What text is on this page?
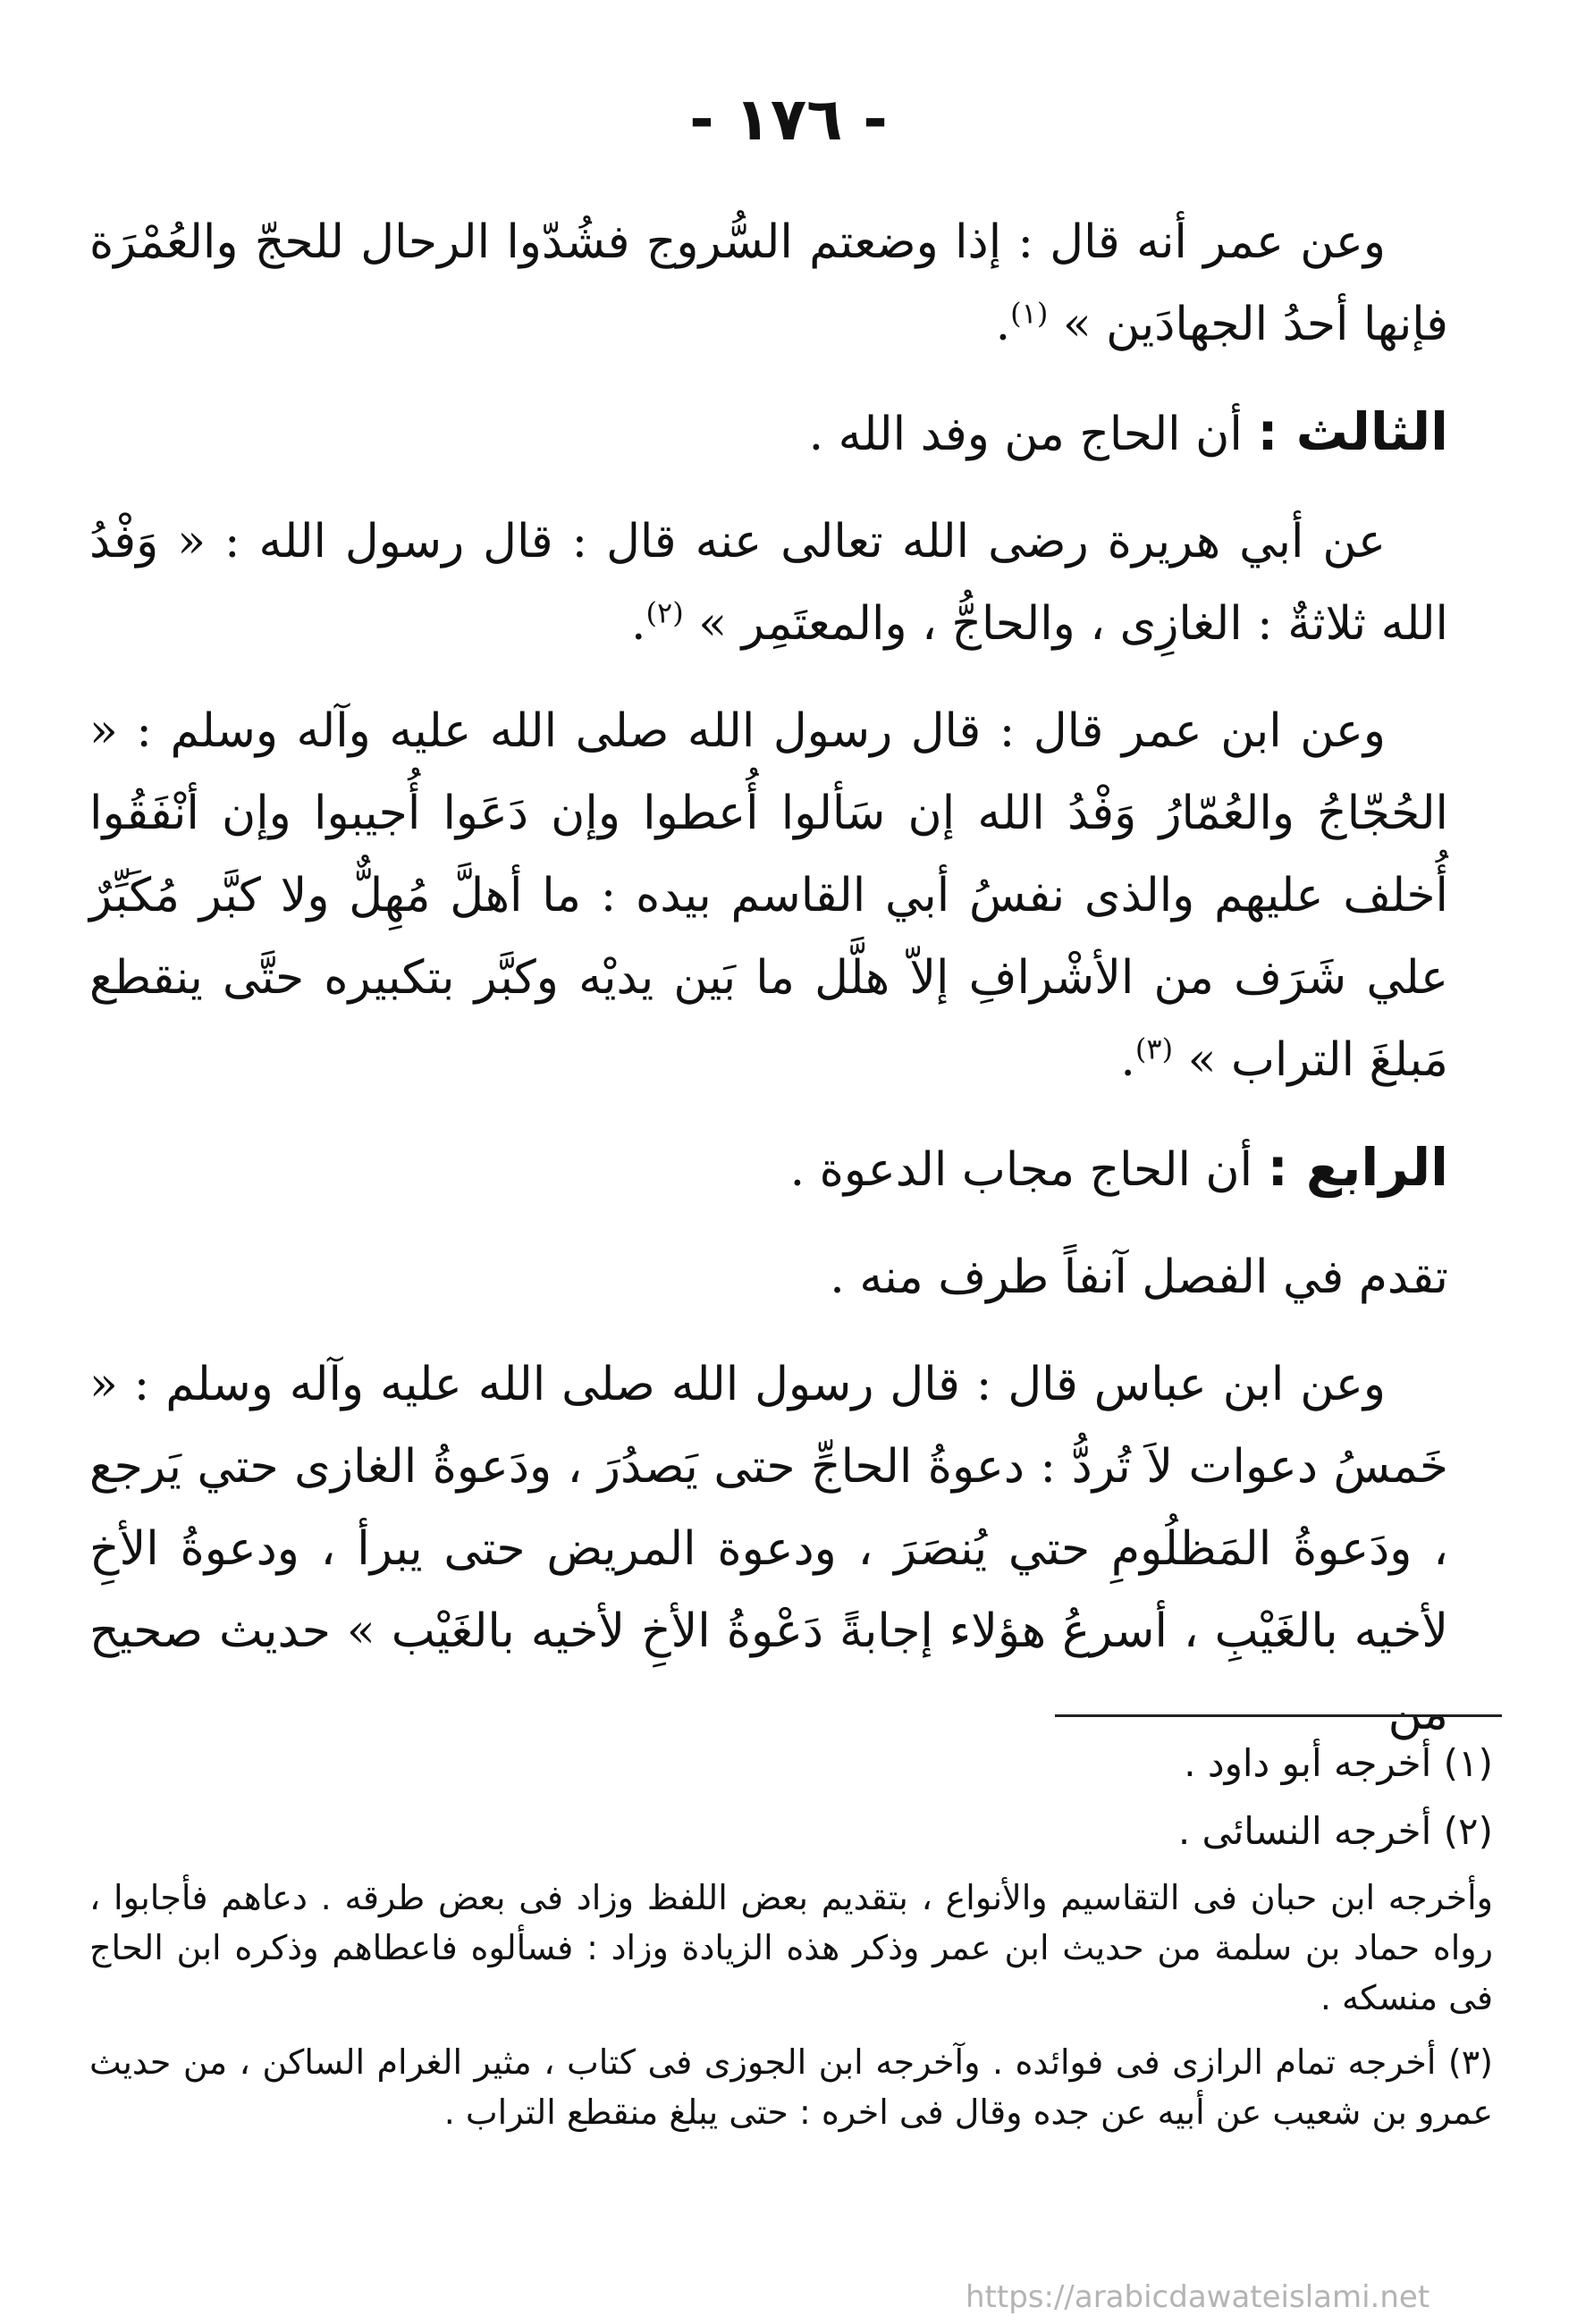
- ١٧٦ -

وعن عمر أنه قال : إذا وضعتم السُّروج فشُدّوا الرحال للحجّ والعُمْرَة فإنها أحدُ الجهادَين » $^{(١)}$.

الثالث : أن الحاج من وفد الله .

عن أبي هريرة رضى الله تعالى عنه قال : قال رسول الله : « وَفْدُ الله ثلاثةٌ : الغازِى ، والحاجُّ ، والمعتَمِر » $^{(٢)}$.

وعن ابن عمر قال : قال رسول الله صلى الله عليه وآله وسلم : « الحُجّاجُ والعُمّارُ وَفْدُ الله إن سَألوا أُعطوا وإن دَعَوا أُجيبوا وإن أنْفَقُوا أُخلف عليهم والذى نفسُ أبي القاسم بيده : ما أهلَّ مُهِلٌّ ولا كبَّر مُكَبِّرٌ علي شَرَف من الأشْرافِ إلاّ هلَّل ما بَين يديْه وكبَّر بتكبيره حتَّى ينقطع مَبلغَ التراب » $^{(٣)}$.

الرابع : أن الحاج مجاب الدعوة .

تقدم في الفصل آنفاً طرف منه .

وعن ابن عباس قال : قال رسول الله صلى الله عليه وآله وسلم : « خَمسُ دعوات لاَ تُردُّ : دعوةُ الحاجِّ حتى يَصدُرَ ، ودَعوةُ الغازى حتي يَرجع ، ودَعوةُ المَظلُومِ حتي يُنصَرَ ، ودعوة المريض حتى يبرأ ، ودعوةُ الأخِ لأخيه بالغَيْبِ ، أسرعُ هؤلاء إجابةً دَعْوةُ الأخِ لأخيه بالغَيْب » حديث صحيح من

(١) أخرجه أبو داود .

(٢) أخرجه النسائى .

وأخرجه ابن حبان فى التقاسيم والأنواع ، بتقديم بعض اللفظ وزاد فى بعض طرقه . دعاهم فأجابوا ، رواه حماد بن سلمة من حديث ابن عمر وذكر هذه الزيادة وزاد : فسألوه فاعطاهم وذكره ابن الحاج فى منسكه .

(٣) أخرجه تمام الرازى فى فوائده . وآخرجه ابن الجوزى فى كتاب ، مثير الغرام الساكن ، من حديث عمرو بن شعيب عن أبيه عن جده وقال فى اخره : حتى يبلغ منقطع التراب .

https://arabicdawateislami.net
